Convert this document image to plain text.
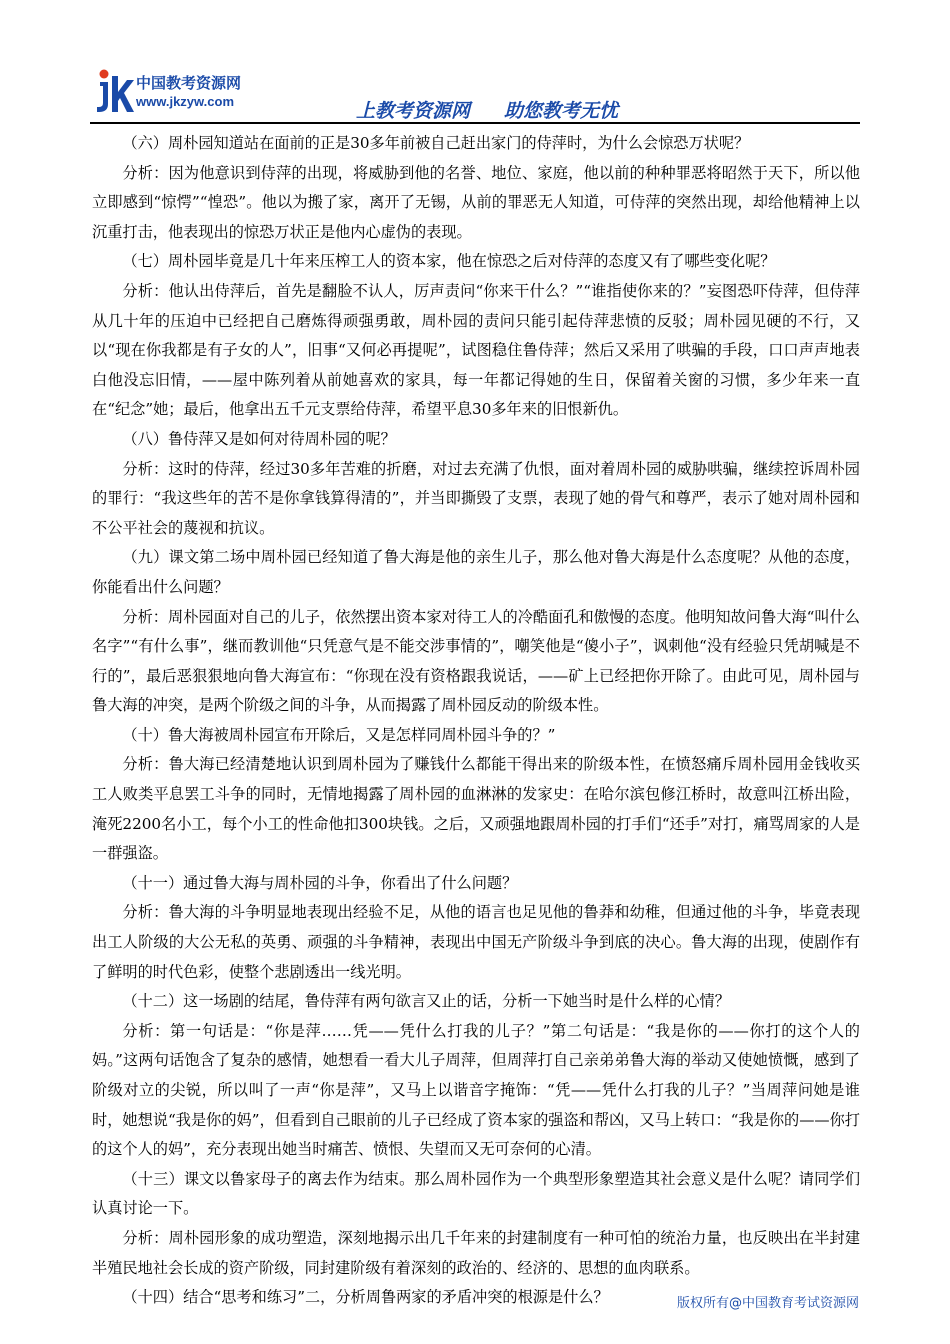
中国教考资源网
www.jkzyw.com	上教考资源网 助您教考无忧

（六）周朴园知道站在面前的正是30多年前被自己赶出家门的侍萍时，为什么会惊恐万状呢？

分析：因为他意识到侍萍的出现，将威胁到他的名誉、地位、家庭，他以前的种种罪恶将昭然于天下，所以他立即感到“惊愕”“惶恐”。他以为搬了家，离开了无锡，从前的罪恶无人知道，可侍萍的突然出现，却给他精神上以沉重打击，他表现出的惊恐万状正是他内心虚伪的表现。

（七）周朴园毕竟是几十年来压榨工人的资本家，他在惊恐之后对侍萍的态度又有了哪些变化呢？

分析：他认出侍萍后，首先是翻脸不认人，厉声责问“你来干什么？”“谁指使你来的？”妄图恐吓侍萍，但侍萍从几十年的压迫中已经把自己磨炼得顽强勇敢，周朴园的责问只能引起侍萍悲愤的反驳；周朴园见硬的不行，又以“现在你我都是有子女的人”，旧事“又何必再提呢”，试图稳住鲁侍萍；然后又采用了哄骗的手段，口口声声地表白他没忘旧情，——屋中陈列着从前她喜欢的家具，每一年都记得她的生日，保留着关窗的习惯，多少年来一直在“纪念”她；最后，他拿出五千元支票给侍萍，希望平息30多年来的旧恨新仇。

（八）鲁侍萍又是如何对待周朴园的呢？

分析：这时的侍萍，经过30多年苦难的折磨，对过去充满了仇恨，面对着周朴园的威胁哄骗，继续控诉周朴园的罪行：“我这些年的苦不是你拿钱算得清的”，并当即撕毁了支票，表现了她的骨气和尊严，表示了她对周朴园和不公平社会的蔑视和抗议。

（九）课文第二场中周朴园已经知道了鲁大海是他的亲生儿子，那么他对鲁大海是什么态度呢？从他的态度，你能看出什么问题？

分析：周朴园面对自己的儿子，依然摆出资本家对待工人的冷酷面孔和傲慢的态度。他明知故问鲁大海“叫什么名字”“有什么事”，继而教训他“只凭意气是不能交涉事情的”，嘲笑他是“傻小子”，讽刺他“没有经验只凭胡喊是不行的”，最后恶狠狠地向鲁大海宣布：“你现在没有资格跟我说话，——矿上已经把你开除了。由此可见，周朴园与鲁大海的冲突，是两个阶级之间的斗争，从而揭露了周朴园反动的阶级本性。

（十）鲁大海被周朴园宣布开除后，又是怎样同周朴园斗争的？”

分析：鲁大海已经清楚地认识到周朴园为了赚钱什么都能干得出来的阶级本性，在愤怒痛斥周朴园用金钱收买工人败类平息罢工斗争的同时，无情地揭露了周朴园的血淋淋的发家史：在哈尔滨包修江桥时，故意叫江桥出险，淹死2200名小工，每个小工的性命他扣300块钱。之后，又顽强地跟周朴园的打手们“还手”对打，痛骂周家的人是一群强盗。

（十一）通过鲁大海与周朴园的斗争，你看出了什么问题？

分析：鲁大海的斗争明显地表现出经验不足，从他的语言也足见他的鲁莽和幼稚，但通过他的斗争，毕竟表现出工人阶级的大公无私的英勇、顽强的斗争精神，表现出中国无产阶级斗争到底的决心。鲁大海的出现，使剧作有了鲜明的时代色彩，使整个悲剧透出一线光明。

（十二）这一场剧的结尾，鲁侍萍有两句欲言又止的话，分析一下她当时是什么样的心情？

分析：第一句话是：“你是萍……凭——凭什么打我的儿子？”第二句话是：“我是你的——你打的这个人的妈。”这两句话饱含了复杂的感情，她想看一看大儿子周萍，但周萍打自己亲弟弟鲁大海的举动又使她愤慨，感到了阶级对立的尖锐，所以叫了一声“你是萍”，又马上以谐音字掩饰：“凭——凭什么打我的儿子？”当周萍问她是谁时，她想说“我是你的妈”，但看到自己眼前的儿子已经成了资本家的强盗和帮凶，又马上转口：“我是你的——你打的这个人的妈”，充分表现出她当时痛苦、愤恨、失望而又无可奈何的心清。

（十三）课文以鲁家母子的离去作为结束。那么周朴园作为一个典型形象塑造其社会意义是什么呢？请同学们认真讨论一下。

分析：周朴园形象的成功塑造，深刻地揭示出几千年来的封建制度有一种可怕的统治力量，也反映出在半封建半殖民地社会长成的资产阶级，同封建阶级有着深刻的政治的、经济的、思想的血肉联系。

（十四）结合“思考和练习”二，分析周鲁两家的矛盾冲突的根源是什么？	版权所有@中国教育考试资源网
